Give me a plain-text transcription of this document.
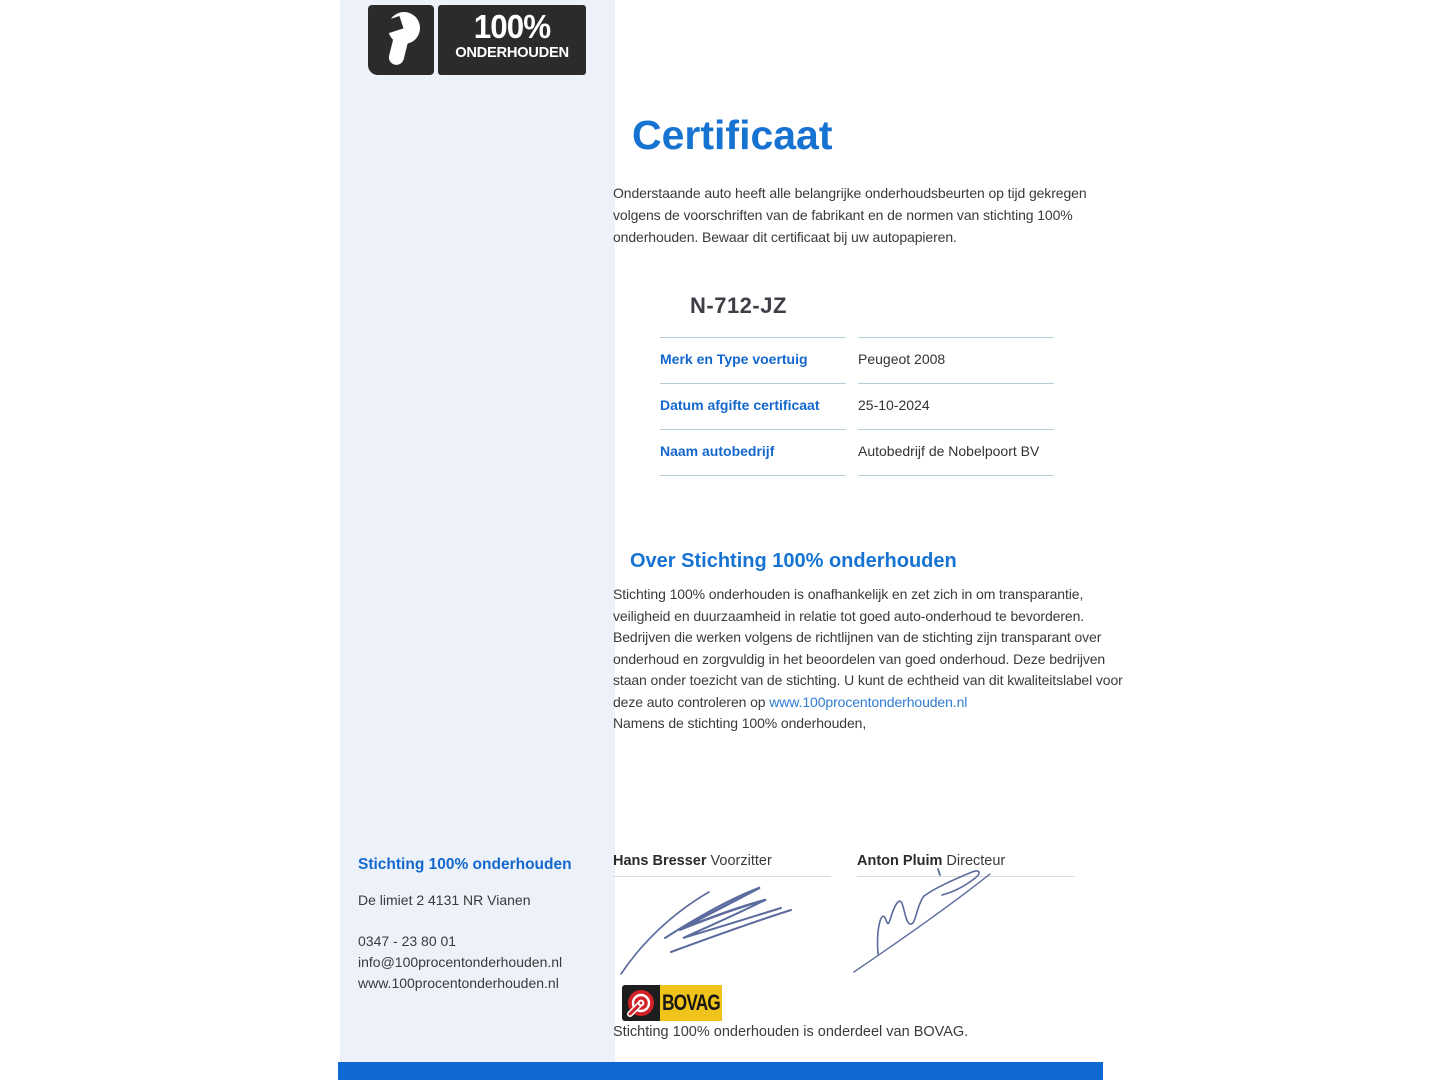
100%
ONDERHOUDEN
Certificaat
Onderstaande auto heeft alle belangrijke onderhoudsbeurten op tijd gekregen volgens de voorschriften van de fabrikant en de normen van stichting 100% onderhouden. Bewaar dit certificaat bij uw autopapieren.
N-712-JZ
Merk en Type voertuig	Peugeot 2008
Datum afgifte certificaat	25-10-2024
Naam autobedrijf	Autobedrijf de Nobelpoort BV
Over Stichting 100% onderhouden
Stichting 100% onderhouden is onafhankelijk en zet zich in om transparantie, veiligheid en duurzaamheid in relatie tot goed auto-onderhoud te bevorderen. Bedrijven die werken volgens de richtlijnen van de stichting zijn transparant over onderhoud en zorgvuldig in het beoordelen van goed onderhoud. Deze bedrijven staan onder toezicht van de stichting. U kunt de echtheid van dit kwaliteitslabel voor deze auto controleren op www.100procentonderhouden.nl
Namens de stichting 100% onderhouden,
Stichting 100% onderhouden
De limiet 2 4131 NR Vianen
0347 - 23 80 01
info@100procentonderhouden.nl
www.100procentonderhouden.nl
Hans Bresser Voorzitter	Anton Pluim Directeur
BOVAG
Stichting 100% onderhouden is onderdeel van BOVAG.
